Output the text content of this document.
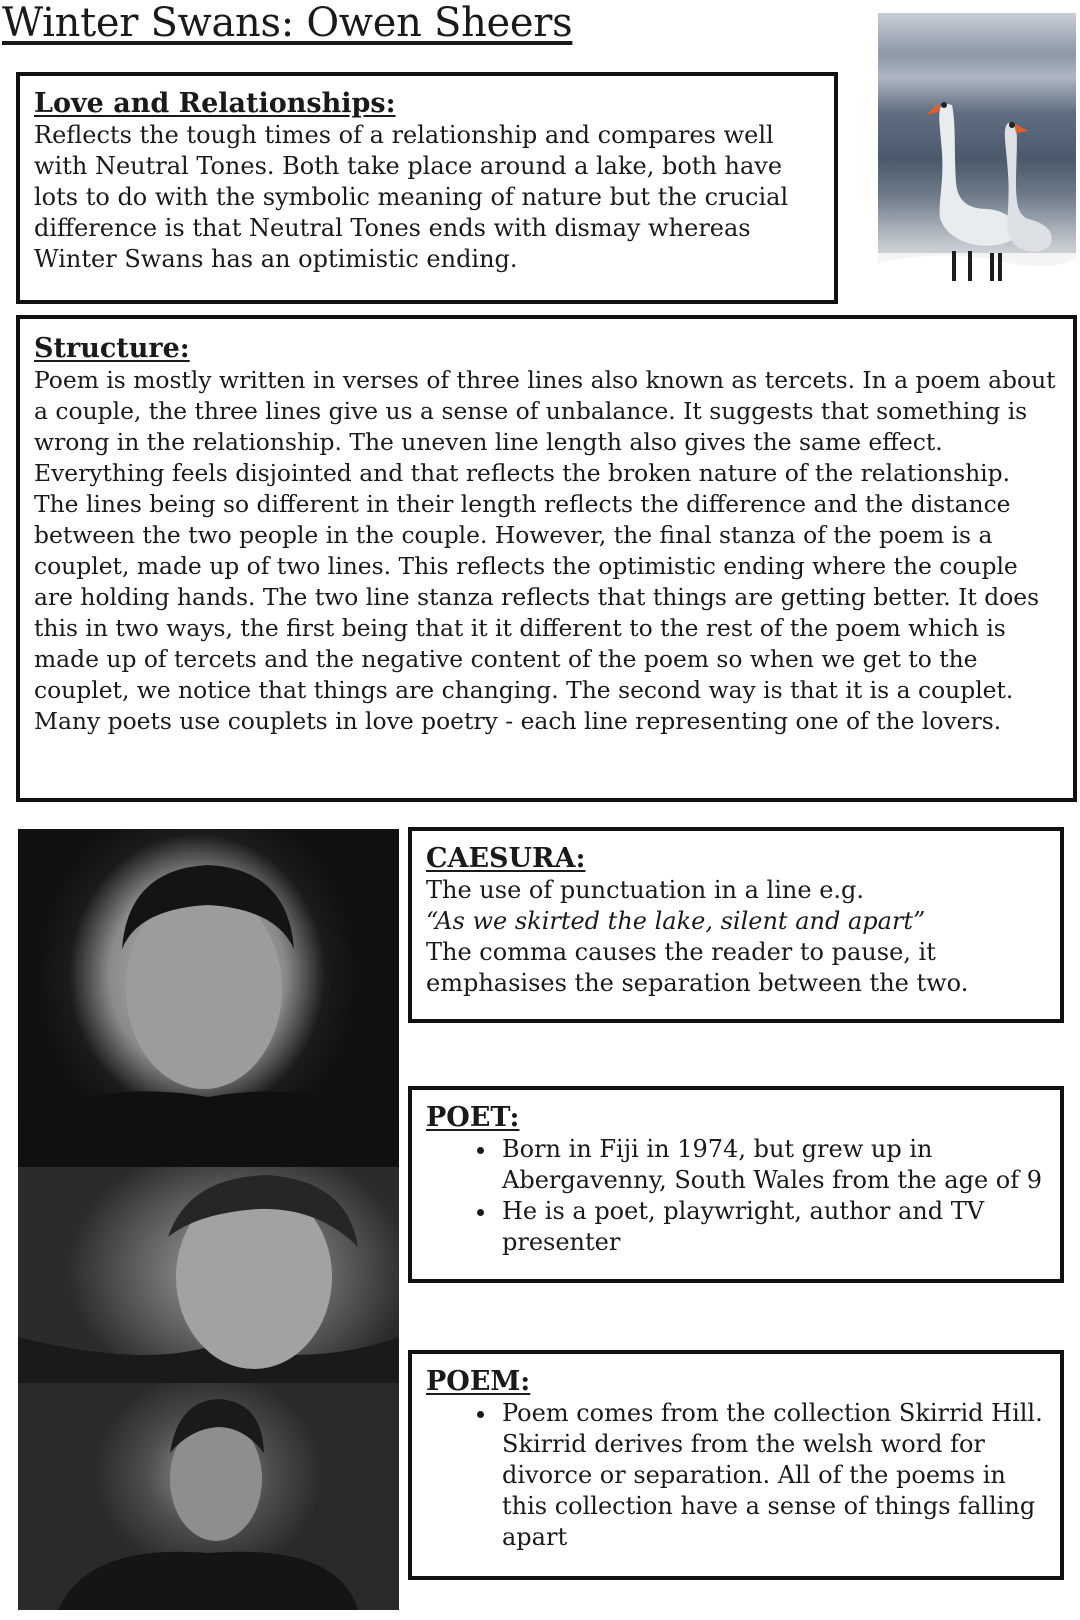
Winter Swans: Owen Sheers
Love and Relationships:

Reflects the tough times of a relationship and compares well with Neutral Tones. Both take place around a lake, both have lots to do with the symbolic meaning of nature but the crucial difference is that Neutral Tones ends with dismay whereas Winter Swans has an optimistic ending.

Structure:

Poem is mostly written in verses of three lines also known as tercets. In a poem about a couple, the three lines give us a sense of unbalance. It suggests that something is wrong in the relationship. The uneven line length also gives the same effect. Everything feels disjointed and that reflects the broken nature of the relationship. The lines being so different in their length reflects the difference and the distance between the two people in the couple. However, the final stanza of the poem is a couplet, made up of two lines. This reflects the optimistic ending where the couple are holding hands. The two line stanza reflects that things are getting better. It does this in two ways, the first being that it it different to the rest of the poem which is made up of tercets and the negative content of the poem so when we get to the couplet, we notice that things are changing. The second way is that it is a couplet. Many poets use couplets in love poetry - each line representing one of the lovers.

CAESURA:

The use of punctuation in a line e.g.

“As we skirted the lake, silent and apart”

The comma causes the reader to pause, it emphasises the separation between the two.

POET:
• Born in Fiji in 1974, but grew up in Abergavenny, South Wales from the age of 9
• He is a poet, playwright, author and TV presenter
POEM:
• Poem comes from the collection Skirrid Hill. Skirrid derives from the welsh word for divorce or separation. All of the poems in this collection have a sense of things falling apart
